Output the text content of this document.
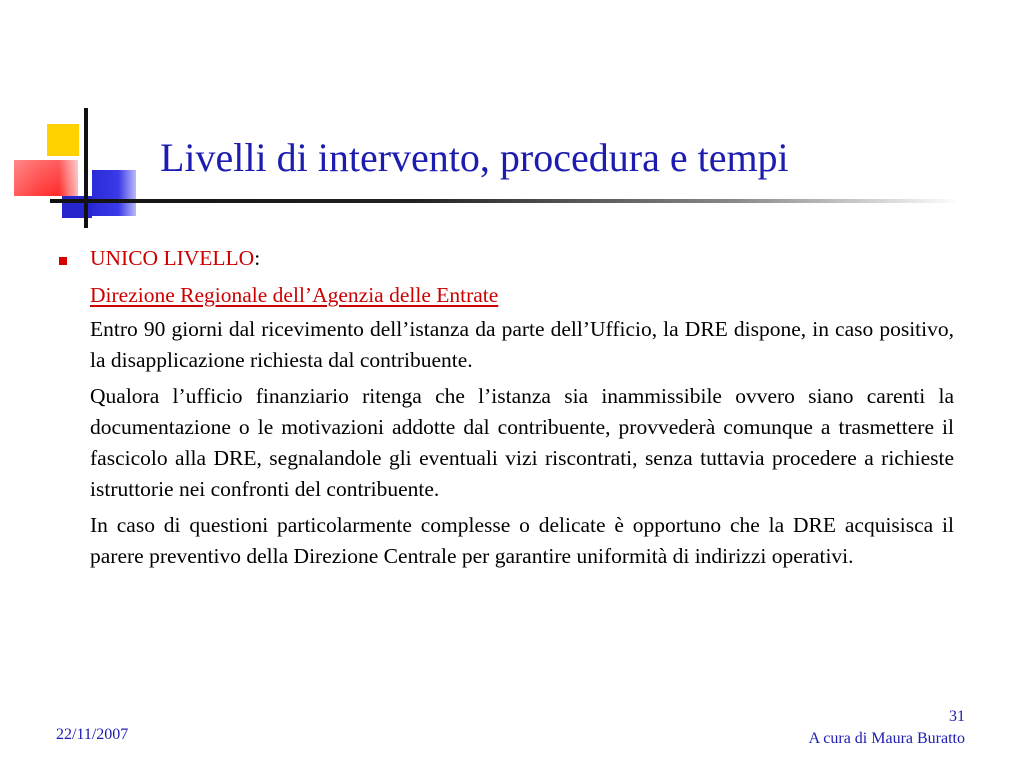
Livelli di intervento, procedura e tempi
UNICO LIVELLO:
Direzione Regionale dell’Agenzia delle Entrate
Entro 90 giorni dal ricevimento dell’istanza da parte dell’Ufficio, la DRE dispone, in caso positivo, la disapplicazione richiesta dal contribuente.
Qualora l’ufficio finanziario ritenga che l’istanza sia inammissibile ovvero siano carenti la documentazione o le motivazioni addotte dal contribuente, provvederà comunque a trasmettere il fascicolo alla DRE, segnalandole gli eventuali vizi riscontrati, senza tuttavia procedere a richieste istruttorie nei confronti del contribuente.
In caso di questioni particolarmente complesse o delicate è opportuno che la DRE acquisisca il parere preventivo della Direzione Centrale per garantire uniformità di indirizzi operativi.
22/11/2007
31
A cura di Maura Buratto
